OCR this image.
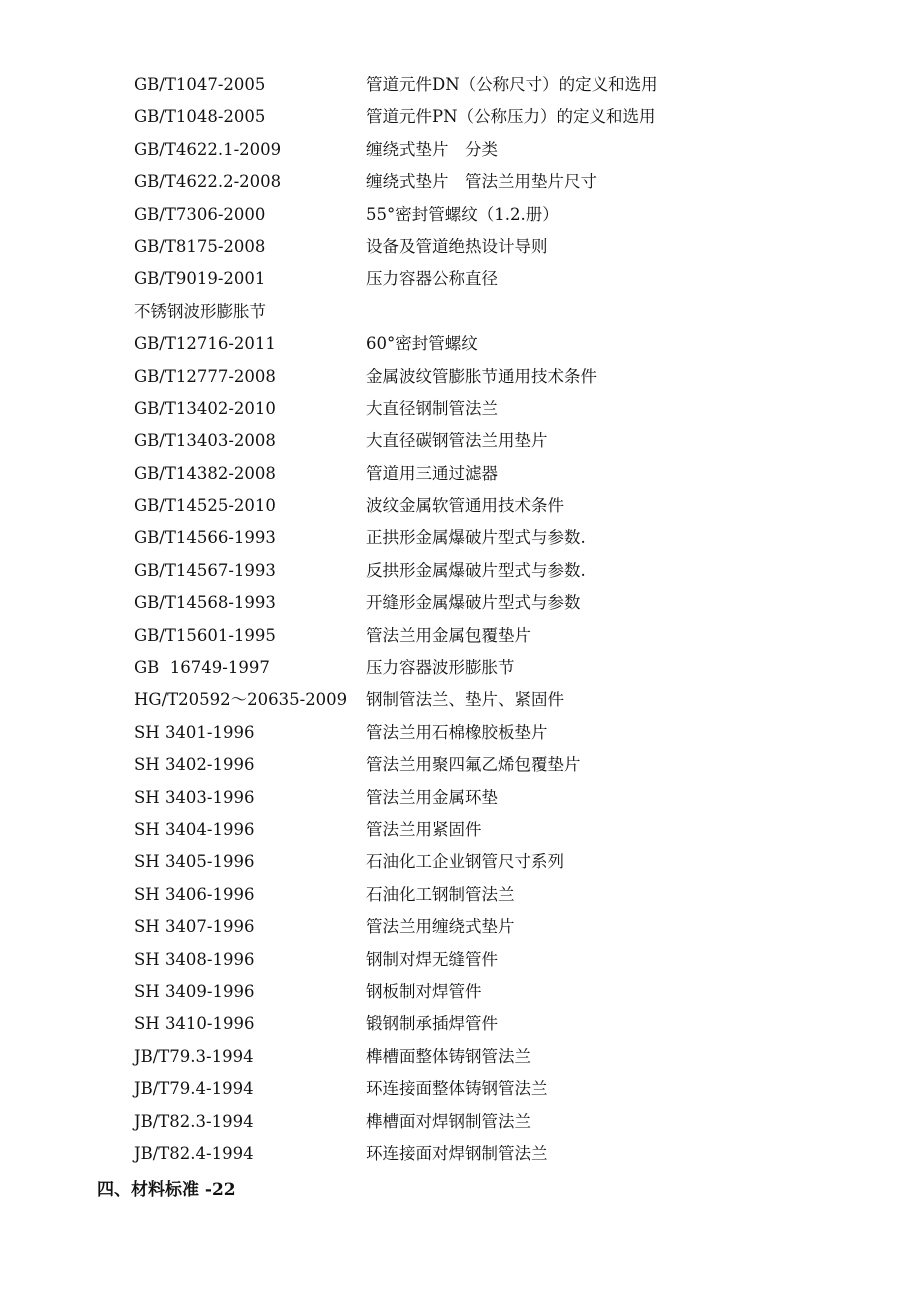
GB/T1047-2005	管道元件DN（公称尺寸）的定义和选用
GB/T1048-2005	管道元件PN（公称压力）的定义和选用
GB/T4622.1-2009	缠绕式垫片　分类
GB/T4622.2-2008	缠绕式垫片　管法兰用垫片尺寸
GB/T7306-2000	55°密封管螺纹（1.2.册）
GB/T8175-2008	设备及管道绝热设计导则
GB/T9019-2001	压力容器公称直径
不锈钢波形膨胀节
GB/T12716-2011	60°密封管螺纹
GB/T12777-2008	金属波纹管膨胀节通用技术条件
GB/T13402-2010	大直径钢制管法兰
GB/T13403-2008	大直径碳钢管法兰用垫片
GB/T14382-2008	管道用三通过滤器
GB/T14525-2010	波纹金属软管通用技术条件
GB/T14566-1993	正拱形金属爆破片型式与参数.
GB/T14567-1993	反拱形金属爆破片型式与参数.
GB/T14568-1993	开缝形金属爆破片型式与参数
GB/T15601-1995	管法兰用金属包覆垫片
GB  16749-1997	压力容器波形膨胀节
HG/T20592～20635-2009	钢制管法兰、垫片、紧固件
SH 3401-1996	管法兰用石棉橡胶板垫片
SH 3402-1996	管法兰用聚四氟乙烯包覆垫片
SH 3403-1996	管法兰用金属环垫
SH 3404-1996	管法兰用紧固件
SH 3405-1996	石油化工企业钢管尺寸系列
SH 3406-1996	石油化工钢制管法兰
SH 3407-1996	管法兰用缠绕式垫片
SH 3408-1996	钢制对焊无缝管件
SH 3409-1996	钢板制对焊管件
SH 3410-1996	锻钢制承插焊管件
JB/T79.3-1994	榫槽面整体铸钢管法兰
JB/T79.4-1994	环连接面整体铸钢管法兰
JB/T82.3-1994	榫槽面对焊钢制管法兰
JB/T82.4-1994	环连接面对焊钢制管法兰
四、材料标准 -22
